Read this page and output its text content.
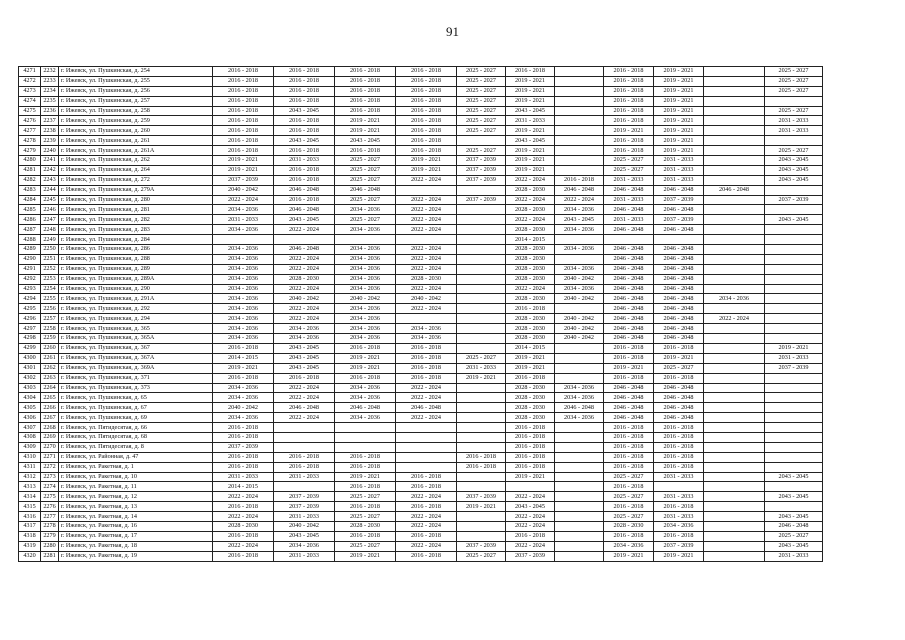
91
4271	2232	г. Ижевск, ул. Пушкинская, д. 254	2016 - 2018	2016 - 2018	2016 - 2018	2016 - 2018	2025 - 2027	2016 - 2018		2016 - 2018	2019 - 2021		2025 - 2027
4272	2233	г. Ижевск, ул. Пушкинская, д. 255	2016 - 2018	2016 - 2018	2016 - 2018	2016 - 2018	2025 - 2027	2019 - 2021		2016 - 2018	2019 - 2021		2025 - 2027
4273	2234	г. Ижевск, ул. Пушкинская, д. 256	2016 - 2018	2016 - 2018	2016 - 2018	2016 - 2018	2025 - 2027	2019 - 2021		2016 - 2018	2019 - 2021		2025 - 2027
4274	2235	г. Ижевск, ул. Пушкинская, д. 257	2016 - 2018	2016 - 2018	2016 - 2018	2016 - 2018	2025 - 2027	2019 - 2021		2016 - 2018	2019 - 2021		
4275	2236	г. Ижевск, ул. Пушкинская, д. 258	2016 - 2018	2043 - 2045	2016 - 2018	2016 - 2018	2025 - 2027	2043 - 2045		2016 - 2018	2019 - 2021		2025 - 2027
4276	2237	г. Ижевск, ул. Пушкинская, д. 259	2016 - 2018	2016 - 2018	2019 - 2021	2016 - 2018	2025 - 2027	2031 - 2033		2016 - 2018	2019 - 2021		2031 - 2033
4277	2238	г. Ижевск, ул. Пушкинская, д. 260	2016 - 2018	2016 - 2018	2019 - 2021	2016 - 2018	2025 - 2027	2019 - 2021		2019 - 2021	2019 - 2021		2031 - 2033
4278	2239	г. Ижевск, ул. Пушкинская, д. 261	2016 - 2018	2043 - 2045	2043 - 2045	2016 - 2018		2043 - 2045		2016 - 2018	2019 - 2021		
4279	2240	г. Ижевск, ул. Пушкинская, д. 261А	2016 - 2018	2016 - 2018	2016 - 2018	2016 - 2018	2025 - 2027	2019 - 2021		2016 - 2018	2019 - 2021		2025 - 2027
4280	2241	г. Ижевск, ул. Пушкинская, д. 262	2019 - 2021	2031 - 2033	2025 - 2027	2019 - 2021	2037 - 2039	2019 - 2021		2025 - 2027	2031 - 2033		2043 - 2045
4281	2242	г. Ижевск, ул. Пушкинская, д. 264	2019 - 2021	2016 - 2018	2025 - 2027	2019 - 2021	2037 - 2039	2019 - 2021		2025 - 2027	2031 - 2033		2043 - 2045
4282	2243	г. Ижевск, ул. Пушкинская, д. 272	2037 - 2039	2016 - 2018	2025 - 2027	2022 - 2024	2037 - 2039	2022 - 2024	2016 - 2018	2031 - 2033	2031 - 2033		2043 - 2045
4283	2244	г. Ижевск, ул. Пушкинская, д. 279А	2040 - 2042	2046 - 2048	2046 - 2048			2028 - 2030	2046 - 2048	2046 - 2048	2046 - 2048	2046 - 2048	
4284	2245	г. Ижевск, ул. Пушкинская, д. 280	2022 - 2024	2016 - 2018	2025 - 2027	2022 - 2024	2037 - 2039	2022 - 2024	2022 - 2024	2031 - 2033	2037 - 2039		2037 - 2039
4285	2246	г. Ижевск, ул. Пушкинская, д. 281	2034 - 2036	2046 - 2048	2034 - 2036	2022 - 2024		2028 - 2030	2034 - 2036	2046 - 2048	2046 - 2048		
4286	2247	г. Ижевск, ул. Пушкинская, д. 282	2031 - 2033	2043 - 2045	2025 - 2027	2022 - 2024		2022 - 2024	2043 - 2045	2031 - 2033	2037 - 2039		2043 - 2045
4287	2248	г. Ижевск, ул. Пушкинская, д. 283	2034 - 2036	2022 - 2024	2034 - 2036	2022 - 2024		2028 - 2030	2034 - 2036	2046 - 2048	2046 - 2048		
4288	2249	г. Ижевск, ул. Пушкинская, д. 284						2014 - 2015					
4289	2250	г. Ижевск, ул. Пушкинская, д. 286	2034 - 2036	2046 - 2048	2034 - 2036	2022 - 2024		2028 - 2030	2034 - 2036	2046 - 2048	2046 - 2048		
4290	2251	г. Ижевск, ул. Пушкинская, д. 288	2034 - 2036	2022 - 2024	2034 - 2036	2022 - 2024		2028 - 2030		2046 - 2048	2046 - 2048		
4291	2252	г. Ижевск, ул. Пушкинская, д. 289	2034 - 2036	2022 - 2024	2034 - 2036	2022 - 2024		2028 - 2030	2034 - 2036	2046 - 2048	2046 - 2048		
4292	2253	г. Ижевск, ул. Пушкинская, д. 289А	2034 - 2036	2028 - 2030	2034 - 2036	2028 - 2030		2028 - 2030	2040 - 2042	2046 - 2048	2046 - 2048		
4293	2254	г. Ижевск, ул. Пушкинская, д. 290	2034 - 2036	2022 - 2024	2034 - 2036	2022 - 2024		2022 - 2024	2034 - 2036	2046 - 2048	2046 - 2048		
4294	2255	г. Ижевск, ул. Пушкинская, д. 291А	2034 - 2036	2040 - 2042	2040 - 2042	2040 - 2042		2028 - 2030	2040 - 2042	2046 - 2048	2046 - 2048	2034 - 2036	
4295	2256	г. Ижевск, ул. Пушкинская, д. 292	2034 - 2036	2022 - 2024	2034 - 2036	2022 - 2024		2016 - 2018		2046 - 2048	2046 - 2048		
4296	2257	г. Ижевск, ул. Пушкинская, д. 294	2034 - 2036	2022 - 2024	2034 - 2036			2028 - 2030	2040 - 2042	2046 - 2048	2046 - 2048	2022 - 2024	
4297	2258	г. Ижевск, ул. Пушкинская, д. 365	2034 - 2036	2034 - 2036	2034 - 2036	2034 - 2036		2028 - 2030	2040 - 2042	2046 - 2048	2046 - 2048		
4298	2259	г. Ижевск, ул. Пушкинская, д. 365А	2034 - 2036	2034 - 2036	2034 - 2036	2034 - 2036		2028 - 2030	2040 - 2042	2046 - 2048	2046 - 2048		
4299	2260	г. Ижевск, ул. Пушкинская, д. 367	2016 - 2018	2043 - 2045	2016 - 2018	2016 - 2018		2014 - 2015		2016 - 2018	2016 - 2018		2019 - 2021
4300	2261	г. Ижевск, ул. Пушкинская, д. 367А	2014 - 2015	2043 - 2045	2019 - 2021	2016 - 2018	2025 - 2027	2019 - 2021		2016 - 2018	2019 - 2021		2031 - 2033
4301	2262	г. Ижевск, ул. Пушкинская, д. 369А	2019 - 2021	2043 - 2045	2019 - 2021	2016 - 2018	2031 - 2033	2019 - 2021		2019 - 2021	2025 - 2027		2037 - 2039
4302	2263	г. Ижевск, ул. Пушкинская, д. 371	2016 - 2018	2016 - 2018	2016 - 2018	2016 - 2018	2019 - 2021	2016 - 2018		2016 - 2018	2016 - 2018		
4303	2264	г. Ижевск, ул. Пушкинская, д. 373	2034 - 2036	2022 - 2024	2034 - 2036	2022 - 2024		2028 - 2030	2034 - 2036	2046 - 2048	2046 - 2048		
4304	2265	г. Ижевск, ул. Пушкинская, д. 65	2034 - 2036	2022 - 2024	2034 - 2036	2022 - 2024		2028 - 2030	2034 - 2036	2046 - 2048	2046 - 2048		
4305	2266	г. Ижевск, ул. Пушкинская, д. 67	2040 - 2042	2046 - 2048	2046 - 2048	2046 - 2048		2028 - 2030	2046 - 2048	2046 - 2048	2046 - 2048		
4306	2267	г. Ижевск, ул. Пушкинская, д. 69	2034 - 2036	2022 - 2024	2034 - 2036	2022 - 2024		2028 - 2030	2034 - 2036	2046 - 2048	2046 - 2048		
4307	2268	г. Ижевск, ул. Пятидесятая, д. 66	2016 - 2018					2016 - 2018		2016 - 2018	2016 - 2018		
4308	2269	г. Ижевск, ул. Пятидесятая, д. 68	2016 - 2018					2016 - 2018		2016 - 2018	2016 - 2018		
4309	2270	г. Ижевск, ул. Пятидесятая, д. 8	2037 - 2039					2016 - 2018		2016 - 2018	2016 - 2018		
4310	2271	г. Ижевск, ул. Районная, д. 47	2016 - 2018	2016 - 2018	2016 - 2018		2016 - 2018	2016 - 2018		2016 - 2018	2016 - 2018		
4311	2272	г. Ижевск, ул. Ракетная, д. 1	2016 - 2018	2016 - 2018	2016 - 2018		2016 - 2018	2016 - 2018		2016 - 2018	2016 - 2018		
4312	2273	г. Ижевск, ул. Ракетная, д. 10	2031 - 2033	2031 - 2033	2019 - 2021	2016 - 2018		2019 - 2021		2025 - 2027	2031 - 2033		2043 - 2045
4313	2274	г. Ижевск, ул. Ракетная, д. 11	2014 - 2015		2016 - 2018	2016 - 2018				2016 - 2018			
4314	2275	г. Ижевск, ул. Ракетная, д. 12	2022 - 2024	2037 - 2039	2025 - 2027	2022 - 2024	2037 - 2039	2022 - 2024		2025 - 2027	2031 - 2033		2043 - 2045
4315	2276	г. Ижевск, ул. Ракетная, д. 13	2016 - 2018	2037 - 2039	2016 - 2018	2016 - 2018	2019 - 2021	2043 - 2045		2016 - 2018	2016 - 2018		
4316	2277	г. Ижевск, ул. Ракетная, д. 14	2022 - 2024	2031 - 2033	2025 - 2027	2022 - 2024		2022 - 2024		2025 - 2027	2031 - 2033		2043 - 2045
4317	2278	г. Ижевск, ул. Ракетная, д. 16	2028 - 2030	2040 - 2042	2028 - 2030	2022 - 2024		2022 - 2024		2028 - 2030	2034 - 2036		2046 - 2048
4318	2279	г. Ижевск, ул. Ракетная, д. 17	2016 - 2018	2043 - 2045	2016 - 2018	2016 - 2018		2016 - 2018		2016 - 2018	2016 - 2018		2025 - 2027
4319	2280	г. Ижевск, ул. Ракетная, д. 18	2022 - 2024	2034 - 2036	2025 - 2027	2022 - 2024	2037 - 2039	2022 - 2024		2034 - 2036	2037 - 2039		2043 - 2045
4320	2281	г. Ижевск, ул. Ракетная, д. 19	2016 - 2018	2031 - 2033	2019 - 2021	2016 - 2018	2025 - 2027	2037 - 2039		2019 - 2021	2019 - 2021		2031 - 2033
